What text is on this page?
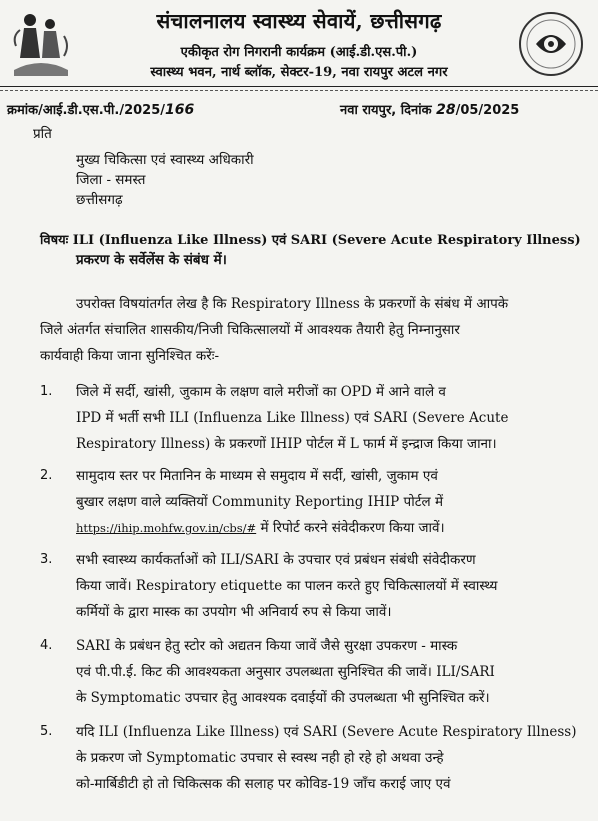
संचालनालय स्वास्थ्य सेवायें, छत्तीसगढ़
एकीकृत रोग निगरानी कार्यक्रम (आई.डी.एस.पी.)
स्वास्थ्य भवन, नार्थ ब्लॉक, सेक्टर-19, नवा रायपुर अटल नगर
क्रमांक/आई.डी.एस.पी./2025/166	नवा रायपुर, दिनांक 28/05/2025
प्रति
मुख्य चिकित्सा एवं स्वास्थ्य अधिकारी
जिला - समस्त
छत्तीसगढ़
विषयः ILI (Influenza Like Illness) एवं SARI (Severe Acute Respiratory Illness)
प्रकरण के सर्वेलेंस के संबंध में।
उपरोक्त विषयांतर्गत लेख है कि Respiratory Illness के प्रकरणों के संबंध में आपके
जिले अंतर्गत संचालित शासकीय/निजी चिकित्सालयों में आवश्यक तैयारी हेतु निम्नानुसार
कार्यवाही किया जाना सुनिश्चित करेंः-
1. जिले में सर्दी, खांसी, जुकाम के लक्षण वाले मरीजों का OPD में आने वाले व
IPD में भर्ती सभी ILI (Influenza Like Illness) एवं SARI (Severe Acute
Respiratory Illness) के प्रकरणों IHIP पोर्टल में L फार्म में इन्द्राज किया जाना।
2. सामुदाय स्तर पर मितानिन के माध्यम से समुदाय में सर्दी, खांसी, जुकाम एवं
बुखार लक्षण वाले व्यक्तियों Community Reporting IHIP पोर्टल में
https://ihip.mohfw.gov.in/cbs/# में रिपोर्ट करने संवेदीकरण किया जावें।
3. सभी स्वास्थ्य कार्यकर्ताओं को ILI/SARI के उपचार एवं प्रबंधन संबंधी संवेदीकरण
किया जावें। Respiratory etiquette का पालन करते हुए चिकित्सालयों में स्वास्थ्य
कर्मियों के द्वारा मास्क का उपयोग भी अनिवार्य रुप से किया जावें।
4. SARI के प्रबंधन हेतु स्टोर को अद्यतन किया जावें जैसे सुरक्षा उपकरण - मास्क
एवं पी.पी.ई. किट की आवश्यकता अनुसार उपलब्धता सुनिश्चित की जावें। ILI/SARI
के Symptomatic उपचार हेतु आवश्यक दवाईयों की उपलब्धता भी सुनिश्चित करें।
5. यदि ILI (Influenza Like Illness) एवं SARI (Severe Acute Respiratory Illness)
के प्रकरण जो Symptomatic उपचार से स्वस्थ नही हो रहे हो अथवा उन्हे
को-मार्बिडीटी हो तो चिकित्सक की सलाह पर कोविड-19 जाँच कराई जाए एवं
